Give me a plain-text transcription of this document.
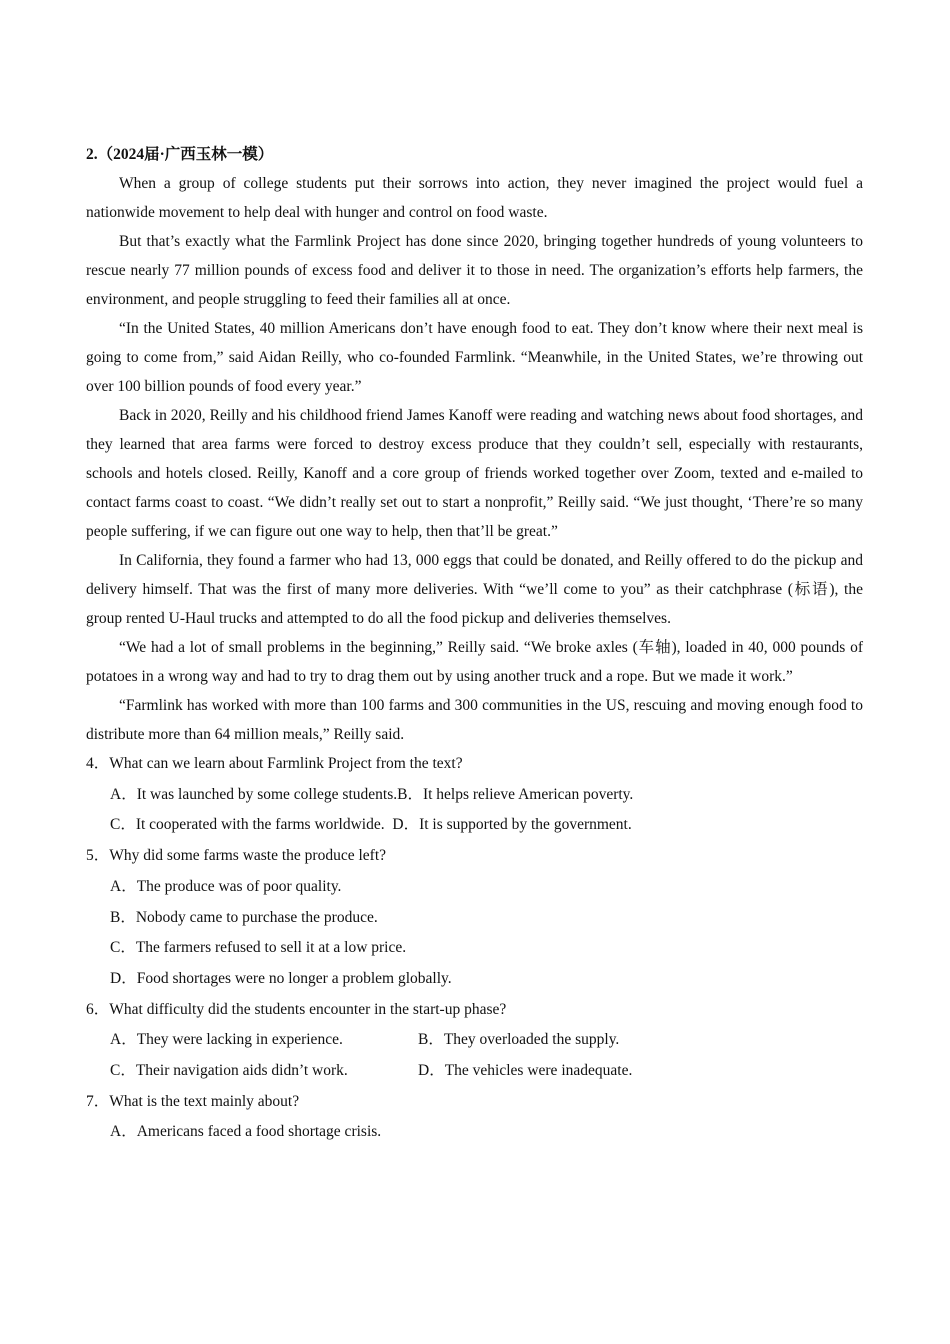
2.（2024届·广西玉林一模）

When a group of college students put their sorrows into action, they never imagined the project would fuel a nationwide movement to help deal with hunger and control on food waste.

But that’s exactly what the Farmlink Project has done since 2020, bringing together hundreds of young volunteers to rescue nearly 77 million pounds of excess food and deliver it to those in need. The organization’s efforts help farmers, the environment, and people struggling to feed their families all at once.

“In the United States, 40 million Americans don’t have enough food to eat. They don’t know where their next meal is going to come from,” said Aidan Reilly, who co-founded Farmlink. “Meanwhile, in the United States, we’re throwing out over 100 billion pounds of food every year.”

Back in 2020, Reilly and his childhood friend James Kanoff were reading and watching news about food shortages, and they learned that area farms were forced to destroy excess produce that they couldn’t sell, especially with restaurants, schools and hotels closed. Reilly, Kanoff and a core group of friends worked together over Zoom, texted and e-mailed to contact farms coast to coast. “We didn’t really set out to start a nonprofit,” Reilly said. “We just thought, ‘There’re so many people suffering, if we can figure out one way to help, then that’ll be great.”

In California, they found a farmer who had 13, 000 eggs that could be donated, and Reilly offered to do the pickup and delivery himself. That was the first of many more deliveries. With “we’ll come to you” as their catchphrase (标语), the group rented U-Haul trucks and attempted to do all the food pickup and deliveries themselves.

“We had a lot of small problems in the beginning,” Reilly said. “We broke axles (车轴), loaded in 40, 000 pounds of potatoes in a wrong way and had to try to drag them out by using another truck and a rope. But we made it work.”

“Farmlink has worked with more than 100 farms and 300 communities in the US, rescuing and moving enough food to distribute more than 64 million meals,” Reilly said.

4．What can we learn about Farmlink Project from the text?

A．It was launched by some college students.B．It helps relieve American poverty.

C．It cooperated with the farms worldwide. D．It is supported by the government.

5．Why did some farms waste the produce left?

A．The produce was of poor quality.

B．Nobody came to purchase the produce.

C．The farmers refused to sell it at a low price.

D．Food shortages were no longer a problem globally.

6．What difficulty did the students encounter in the start-up phase?

A．They were lacking in experience.	B．They overloaded the supply.

C．Their navigation aids didn’t work.	D．The vehicles were inadequate.

7．What is the text mainly about?

A．Americans faced a food shortage crisis.
